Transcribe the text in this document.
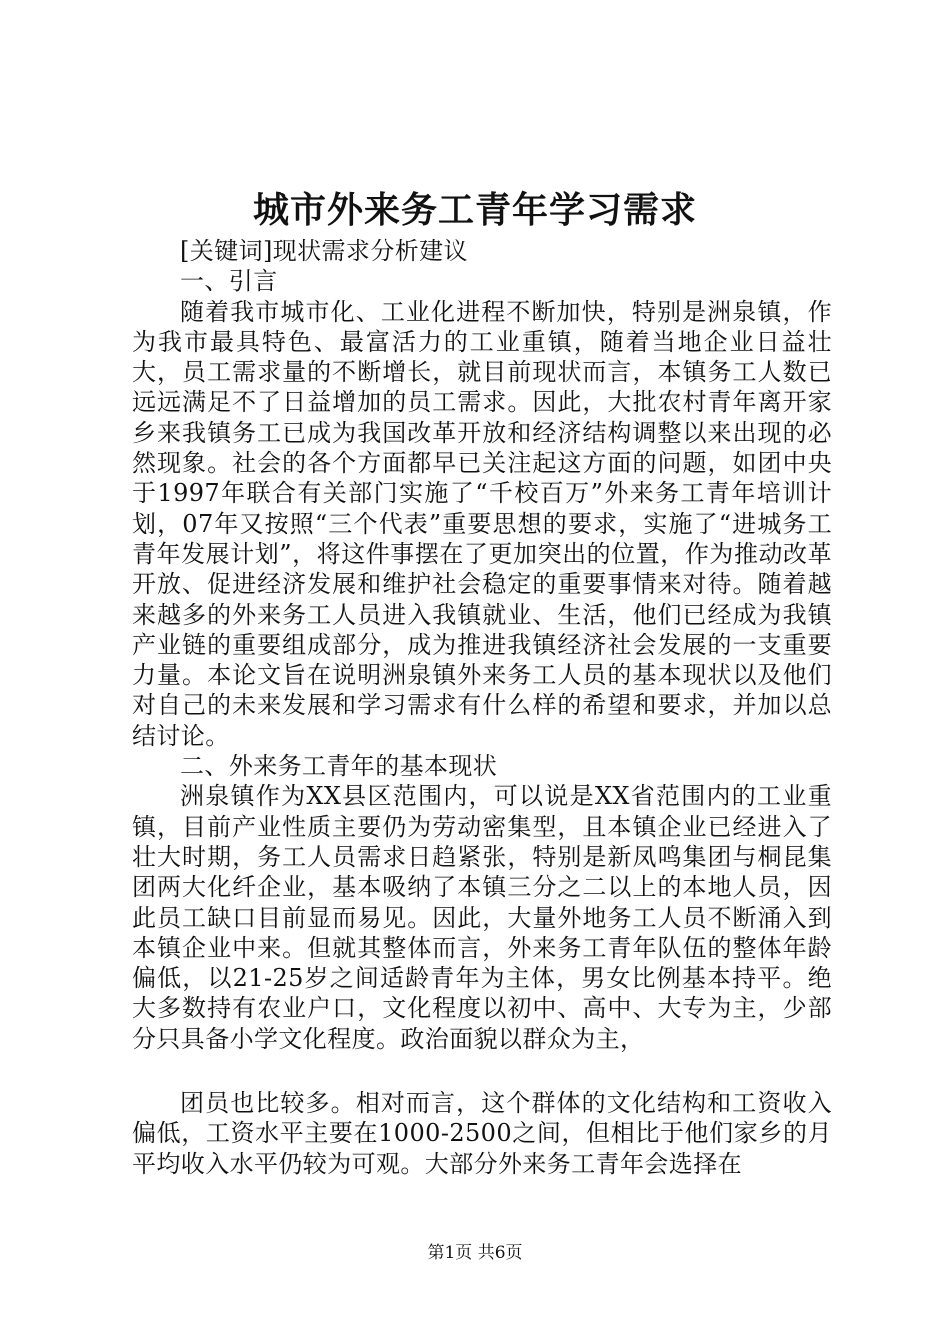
城市外来务工青年学习需求

[关键词]现状需求分析建议

一、引言

随着我市城市化、工业化进程不断加快，特别是洲泉镇，作为我市最具特色、最富活力的工业重镇，随着当地企业日益壮大，员工需求量的不断增长，就目前现状而言，本镇务工人数已远远满足不了日益增加的员工需求。因此，大批农村青年离开家乡来我镇务工已成为我国改革开放和经济结构调整以来出现的必然现象。社会的各个方面都早已关注起这方面的问题，如团中央于1997年联合有关部门实施了“千校百万”外来务工青年培训计划，07年又按照“三个代表”重要思想的要求，实施了“进城务工青年发展计划”，将这件事摆在了更加突出的位置，作为推动改革开放、促进经济发展和维护社会稳定的重要事情来对待。随着越来越多的外来务工人员进入我镇就业、生活，他们已经成为我镇产业链的重要组成部分，成为推进我镇经济社会发展的一支重要力量。本论文旨在说明洲泉镇外来务工人员的基本现状以及他们对自己的未来发展和学习需求有什么样的希望和要求，并加以总结讨论。

二、外来务工青年的基本现状

洲泉镇作为XX县区范围内，可以说是XX省范围内的工业重镇，目前产业性质主要仍为劳动密集型，且本镇企业已经进入了壮大时期，务工人员需求日趋紧张，特别是新凤鸣集团与桐昆集团两大化纤企业，基本吸纳了本镇三分之二以上的本地人员，因此员工缺口目前显而易见。因此，大量外地务工人员不断涌入到本镇企业中来。但就其整体而言，外来务工青年队伍的整体年龄偏低，以21-25岁之间适龄青年为主体，男女比例基本持平。绝大多数持有农业户口，文化程度以初中、高中、大专为主，少部分只具备小学文化程度。政治面貌以群众为主，

团员也比较多。相对而言，这个群体的文化结构和工资收入偏低，工资水平主要在1000-2500之间，但相比于他们家乡的月平均收入水平仍较为可观。大部分外来务工青年会选择在

第1页 共6页
